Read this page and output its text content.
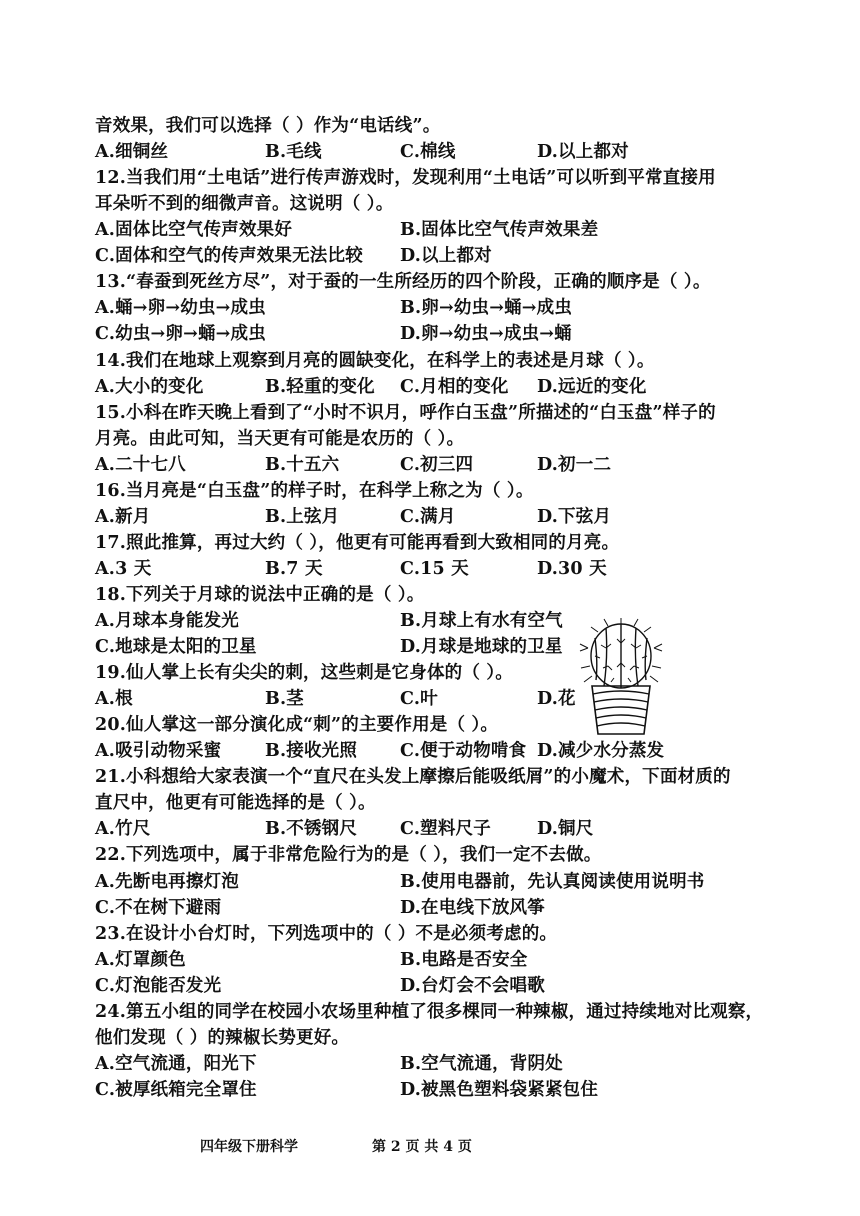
音效果，我们可以选择（ ）作为“电话线”。
A.细铜丝	B.毛线	C.棉线	D.以上都对
12.当我们用“土电话”进行传声游戏时，发现利用“土电话”可以听到平常直接用
耳朵听不到的细微声音。这说明（ ）。
A.固体比空气传声效果好	B.固体比空气传声效果差
C.固体和空气的传声效果无法比较 D.以上都对
13.“春蚕到死丝方尽”，对于蚕的一生所经历的四个阶段，正确的顺序是（ ）。
A.蛹→卵→幼虫→成虫	B.卵→幼虫→蛹→成虫
C.幼虫→卵→蛹→成虫	D.卵→幼虫→成虫→蛹
14.我们在地球上观察到月亮的圆缺变化，在科学上的表述是月球（ ）。
A.大小的变化	B.轻重的变化 C.月相的变化 D.远近的变化
15.小科在昨天晚上看到了“小时不识月，呼作白玉盘”所描述的“白玉盘”样子的
月亮。由此可知，当天更有可能是农历的（ ）。
A.二十七八	B.十五六	C.初三四	D.初一二
16.当月亮是“白玉盘”的样子时，在科学上称之为（ ）。
A.新月	B.上弦月	C.满月	D.下弦月
17.照此推算，再过大约（ ），他更有可能再看到大致相同的月亮。
A.3 天	B.7 天	C.15 天	D.30 天
18.下列关于月球的说法中正确的是（ ）。
A.月球本身能发光	B.月球上有水有空气
C.地球是太阳的卫星	D.月球是地球的卫星
19.仙人掌上长有尖尖的刺，这些刺是它身体的（ ）。
A.根	B.茎	C.叶	D.花
20.仙人掌这一部分演化成“刺”的主要作用是（ ）。
A.吸引动物采蜜 B.接收光照 C.便于动物啃食 D.减少水分蒸发
21.小科想给大家表演一个“直尺在头发上摩擦后能吸纸屑”的小魔术，下面材质的
直尺中，他更有可能选择的是（ ）。
A.竹尺	B.不锈钢尺 C.塑料尺子	D.铜尺
22.下列选项中，属于非常危险行为的是（ ），我们一定不去做。
A.先断电再擦灯泡	B.使用电器前，先认真阅读使用说明书
C.不在树下避雨	D.在电线下放风筝
23.在设计小台灯时，下列选项中的（ ）不是必须考虑的。
A.灯罩颜色	B.电路是否安全
C.灯泡能否发光	D.台灯会不会唱歌
24.第五小组的同学在校园小农场里种植了很多棵同一种辣椒，通过持续地对比观察，
他们发现（ ）的辣椒长势更好。
A.空气流通，阳光下	B.空气流通，背阴处
C.被厚纸箱完全罩住	D.被黑色塑料袋紧紧包住
四年级下册科学	第 2 页 共 4 页
